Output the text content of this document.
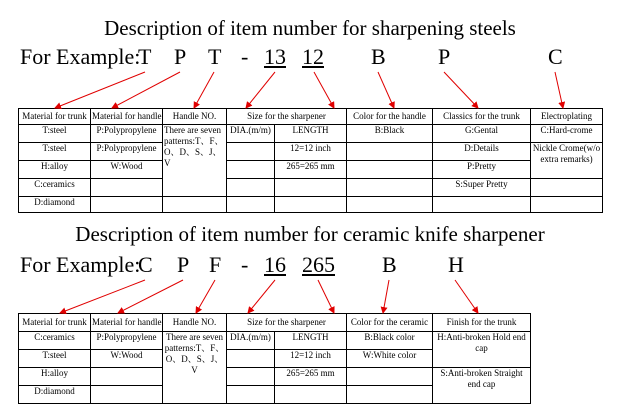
Description of item number for sharpening steels
For Example:
T P T - 13 12 B P	C
Material for trunk	Material for handle	Handle NO.	Size for the sharpener		Color for the handle	Classics for the trunk	Electroplating
T:steel	P:Polypropylene	There are seven patterns:T、F、O、D、S、J、V	DIA.(m/m)	LENGTH	B:Black	G:Gental	C:Hard-crome
T:steel	P:Polypropylene			12=12 inch		D:Details	Nickle Crome(w/o extra remarks)
H:alloy	W:Wood			265=265 mm		P:Pretty	
C:ceramics						S:Super Pretty	
D:diamond							
Description of item number for ceramic knife sharpener
For Example:
C P F - 16 265 B H
Material for trunk	Material for handle	Handle NO.	Size for the sharpener		Color for the ceramic	Finish for the trunk
C:ceramics	P:Polypropylene	There are seven patterns:T、F、O、D、S、J、V	DIA.(m/m)	LENGTH	B:Black color	H:Anti-broken Hold end cap
T:steel	W:Wood			12=12 inch	W:White color	
H:alloy				265=265 mm		S:Anti-broken Straight end cap
D:diamond						
